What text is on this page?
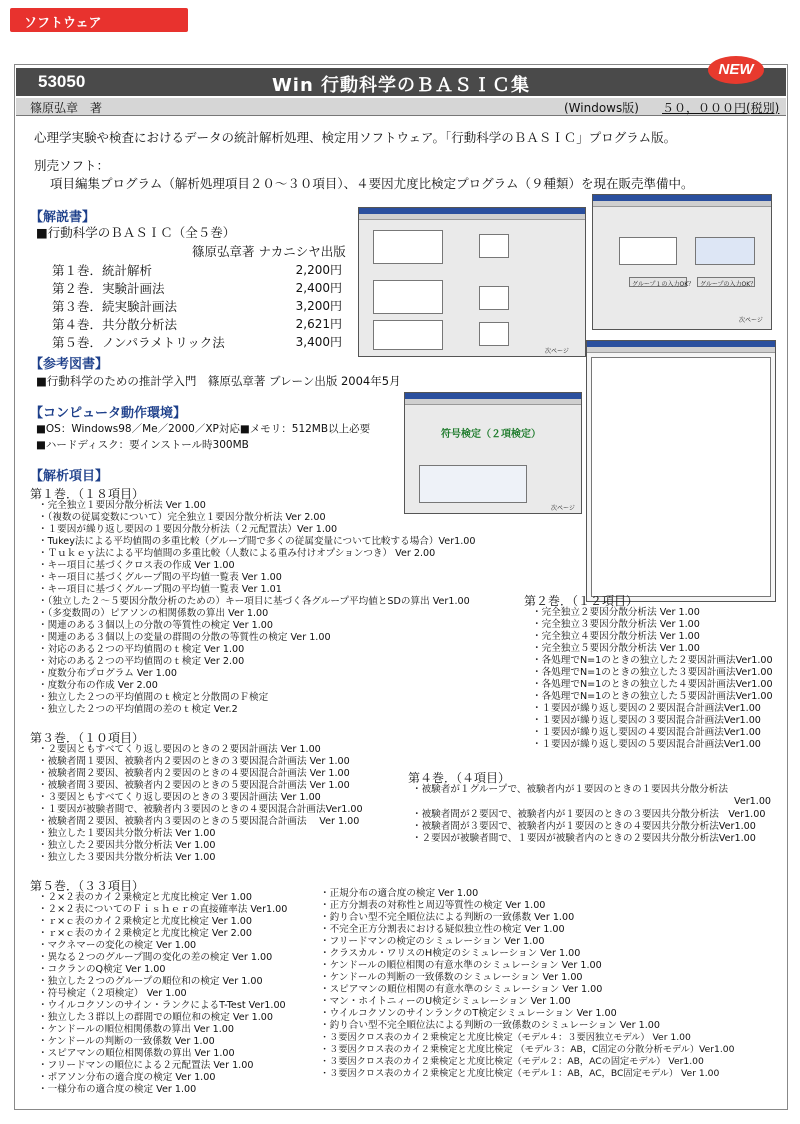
ソフトウェア
53050	Win 行動科学のＢＡＳＩＣ集
NEW
篠原弘章　著	(Windows版) ５０，０００円(税別)
心理学実験や検査におけるデータの統計解析処理、検定用ソフトウェア。「行動科学のＢＡＳＩＣ」プログラム版。
別売ソフト：
項目編集プログラム（解析処理項目２０～３０項目）、４要因尤度比検定プログラム（９種類）を現在販売準備中。
【解説書】
■行動科学のＢＡＳＩＣ（全５巻）
篠原弘章著 ナカニシヤ出版
第１巻．統計解析	2,200円
第２巻．実験計画法	2,400円
第３巻．続実験計画法	3,200円
第４巻．共分散分析法	2,621円
第５巻．ノンパラメトリック法	3,400円
【参考図書】
■行動科学のための推計学入門　篠原弘章著 ブレーン出版 2004年5月
【コンピュータ動作環境】
■OS：Windows98／Me／2000／XP対応■メモリ：512MB以上必要
■ハードディスク：要インストール時300MB
【解析項目】
次ページ
グループ１の入力OK？ グループの入力OK？
次ページ
符号検定（２項検定）
次ページ
第１巻．（１８項目）
・完全独立１要因分散分析法 Ver 1.00
・（複数の従属変数について）完全独立１要因分散分析法 Ver 2.00
・１要因が繰り返し要因の１要因分散分析法（２元配置法）Ver 1.00
・Tukey法による平均値間の多重比較（グループ間で多くの従属変量について比較する場合）Ver1.00
・Ｔｕｋｅｙ法による平均値間の多重比較（人数による重み付けオプションつき） Ver 2.00
・キー項目に基づくクロス表の作成 Ver 1.00
・キー項目に基づくグループ間の平均値一覧表 Ver 1.00
・キー項目に基づくグループ間の平均値一覧表 Ver 1.01
・（独立した２～５要因分散分析のための）キー項目に基づく各グループ平均値とSDの算出 Ver1.00
・（多変数間の）ピアソンの相関係数の算出 Ver 1.00
・関連のある３個以上の分散の等質性の検定 Ver 1.00
・関連のある３個以上の変量の群間の分散の等質性の検定 Ver 1.00
・対応のある２つの平均値間のｔ検定 Ver 1.00
・対応のある２つの平均値間のｔ検定 Ver 2.00
・度数分布プログラム Ver 1.00
・度数分布の作成 Ver 2.00
・独立した２つの平均値間のｔ検定と分散間のＦ検定
・独立した２つの平均値間の差のｔ検定 Ver.2
第２巻．（１２項目）
・完全独立２要因分散分析法 Ver 1.00
・完全独立３要因分散分析法 Ver 1.00
・完全独立４要因分散分析法 Ver 1.00
・完全独立５要因分散分析法 Ver 1.00
・各処理でN=1のときの独立した２要因計画法Ver1.00
・各処理でN=1のときの独立した３要因計画法Ver1.00
・各処理でN=1のときの独立した４要因計画法Ver1.00
・各処理でN=1のときの独立した５要因計画法Ver1.00
・１要因が繰り返し要因の２要因混合計画法Ver1.00
・１要因が繰り返し要因の３要因混合計画法Ver1.00
・１要因が繰り返し要因の４要因混合計画法Ver1.00
・１要因が繰り返し要因の５要因混合計画法Ver1.00
第３巻．（１０項目）
・２要因ともすべてくり返し要因のときの２要因計画法 Ver 1.00
・被験者間１要因、被験者内２要因のときの３要因混合計画法 Ver 1.00
・被験者間２要因、被験者内２要因のときの４要因混合計画法 Ver 1.00
・被験者間３要因、被験者内２要因のときの５要因混合計画法 Ver 1.00
・３要因ともすべてくり返し要因のときの３要因計画法 Ver 1.00
・１要因が被験者間で、被験者内３要因のときの４要因混合計画法Ver1.00
・被験者間２要因、被験者内３要因のときの５要因混合計画法　 Ver 1.00
・独立した１要因共分散分析法 Ver 1.00
・独立した２要因共分散分析法 Ver 1.00
・独立した３要因共分散分析法 Ver 1.00
第４巻．（４項目）
・被験者が１グループで、被験者内が１要因のときの１要因共分散分析法
Ver1.00
・被験者間が２要因で、被験者内が１要因のときの３要因共分散分析法　Ver1.00
・被験者間が３要因で、被験者内が１要因のときの４要因共分散分析法Ver1.00
・２要因が被験者間で、１要因が被験者内のときの２要因共分散分析法Ver1.00
第５巻．（３３項目）
・２×２表のカイ２乗検定と尤度比検定 Ver 1.00
・２×２表についてのＦｉｓｈｅｒの直接確率法 Ver1.00
・ｒ×ｃ表のカイ２乗検定と尤度比検定 Ver 1.00
・ｒ×ｃ表のカイ２乗検定と尤度比検定 Ver 2.00
・マクネマーの変化の検定 Ver 1.00
・異なる２つのグループ間の変化の差の検定 Ver 1.00
・コクランのQ検定 Ver 1.00
・独立した２つのグループの順位和の検定 Ver 1.00
・符号検定（２項検定） Ver 1.00
・ウイルコクソンのサイン・ランクによるT-Test Ver1.00
・独立した３群以上の群間での順位和の検定 Ver 1.00
・ケンドールの順位相関係数の算出 Ver 1.00
・ケンドールの判断の一致係数 Ver 1.00
・スピアマンの順位相関係数の算出 Ver 1.00
・フリードマンの順位による２元配置法 Ver 1.00
・ポアソン分布の適合度の検定 Ver 1.00
・一様分布の適合度の検定 Ver 1.00
・正規分布の適合度の検定 Ver 1.00
・正方分割表の対称性と周辺等質性の検定 Ver 1.00
・釣り合い型不完全順位法による判断の一致係数 Ver 1.00
・不完全正方分割表における疑似独立性の検定 Ver 1.00
・フリードマンの検定のシミュレーション Ver 1.00
・クラスカル・ワリスのH検定のシミュレーション Ver 1.00
・ケンドールの順位相関の有意水準のシミュレーション Ver 1.00
・ケンドールの判断の一致係数のシミュレーション Ver 1.00
・スピアマンの順位相関の有意水準のシミュレーション Ver 1.00
・マン・ホイトニィーのU検定シミュレーション Ver 1.00
・ウイルコクソンのサインランクのT検定シミュレーション Ver 1.00
・釣り合い型不完全順位法による判断の一致係数のシミュレーション Ver 1.00
・３要因クロス表のカイ２乗検定と尤度比検定（モデル４：３要因独立モデル） Ver 1.00
・３要因クロス表のカイ２乗検定と尤度比検定 （モデル３：AB，C固定の分散分析モデル）Ver1.00
・３要因クロス表のカイ２乗検定と尤度比検定（モデル２：AB，ACの固定モデル） Ver1.00
・３要因クロス表のカイ２乗検定と尤度比検定（モデル１：AB，AC，BC固定モデル） Ver 1.00
